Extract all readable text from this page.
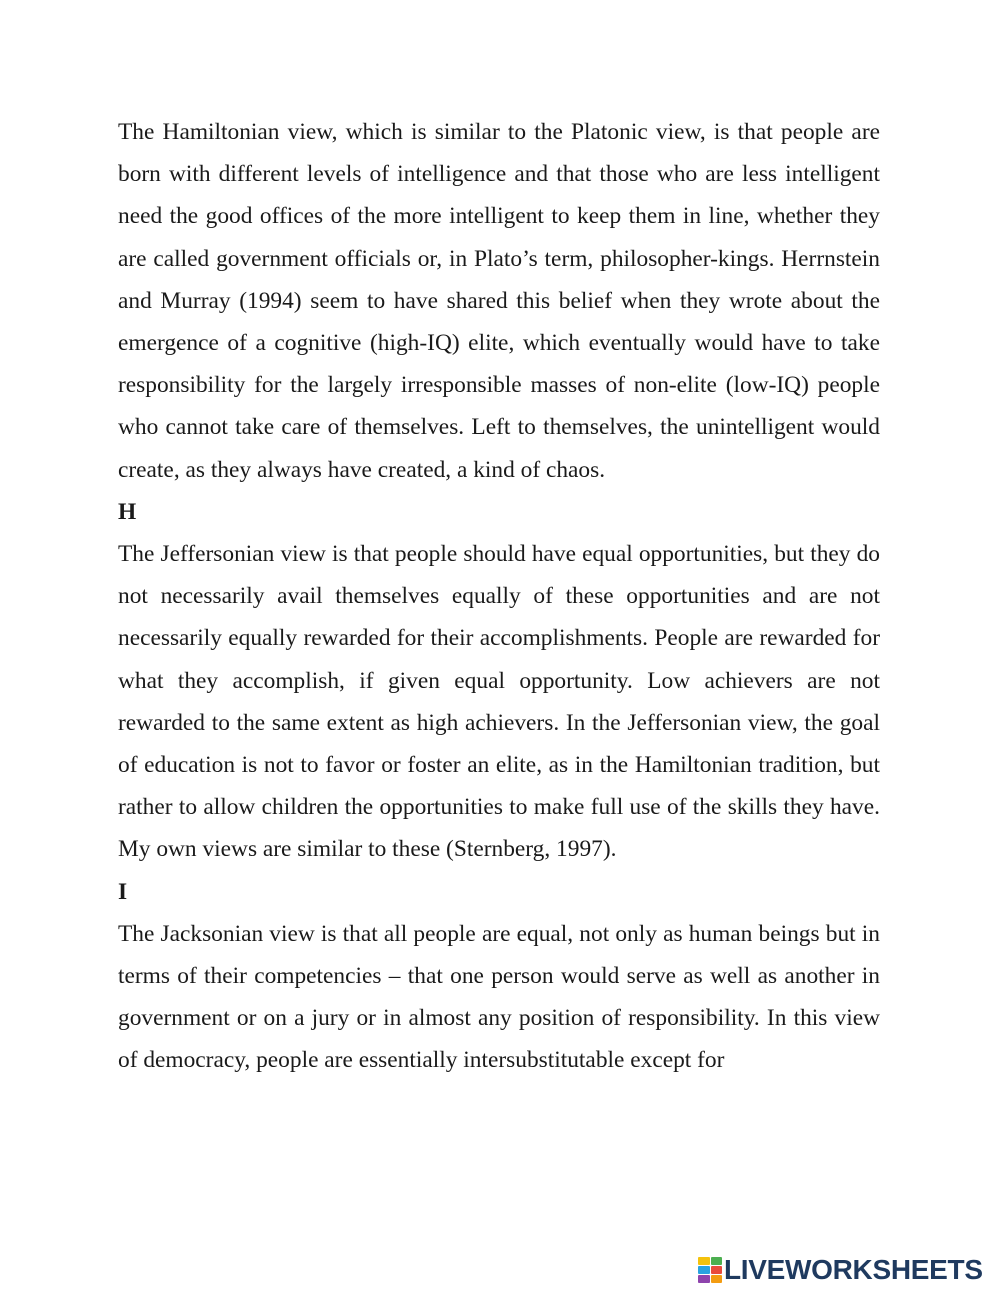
The Hamiltonian view, which is similar to the Platonic view, is that people are born with different levels of intelligence and that those who are less intelligent need the good offices of the more intelligent to keep them in line, whether they are called government officials or, in Plato’s term, philosopher-kings. Herrnstein and Murray (1994) seem to have shared this belief when they wrote about the emergence of a cognitive (high-IQ) elite, which eventually would have to take responsibility for the largely irresponsible masses of non-elite (low-IQ) people who cannot take care of themselves. Left to themselves, the unintelligent would create, as they always have created, a kind of chaos.

H

The Jeffersonian view is that people should have equal opportunities, but they do not necessarily avail themselves equally of these opportunities and are not necessarily equally rewarded for their accomplishments. People are rewarded for what they accomplish, if given equal opportunity. Low achievers are not rewarded to the same extent as high achievers. In the Jeffersonian view, the goal of education is not to favor or foster an elite, as in the Hamiltonian tradition, but rather to allow children the opportunities to make full use of the skills they have. My own views are similar to these (Sternberg, 1997).

I

The Jacksonian view is that all people are equal, not only as human beings but in terms of their competencies – that one person would serve as well as another in government or on a jury or in almost any position of responsibility. In this view of democracy, people are essentially intersubstitutable except for

LIVEWORKSHEETS
